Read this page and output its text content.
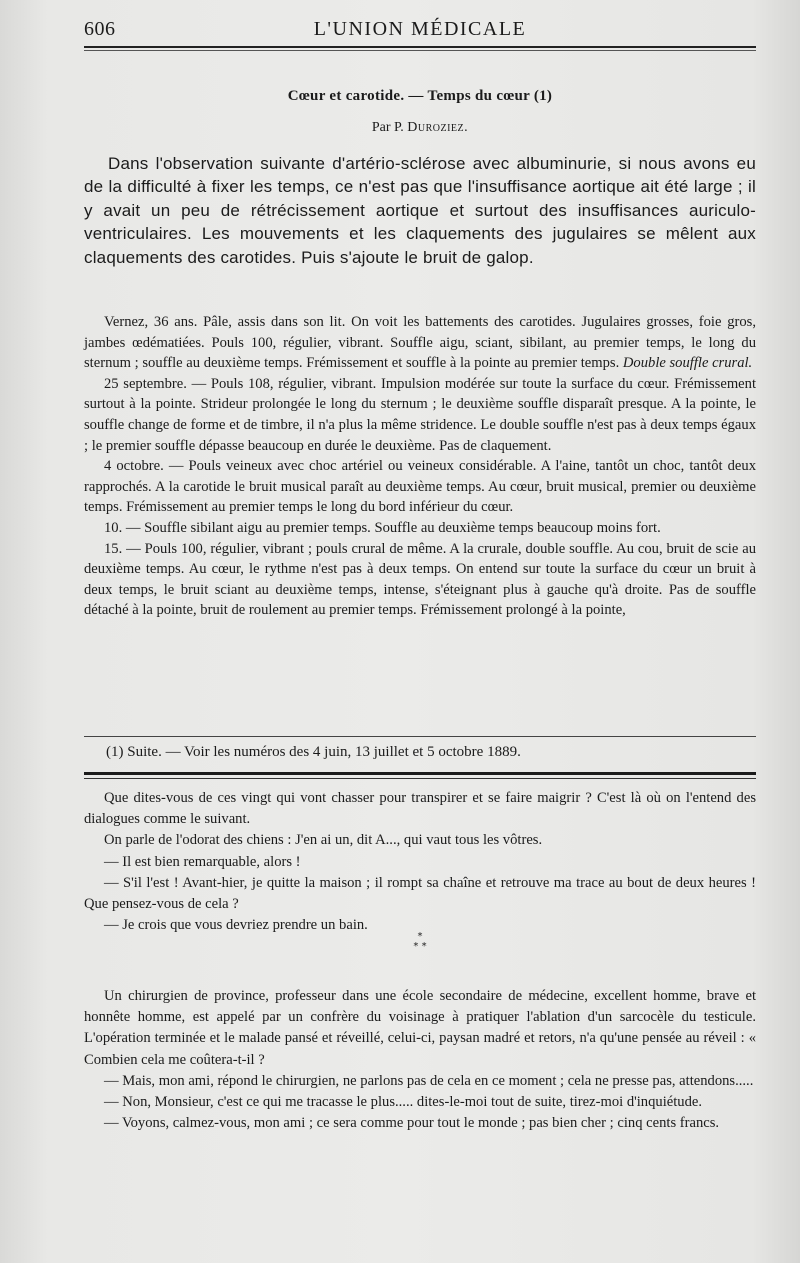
606	L'UNION MÉDICALE
Cœur et carotide. — Temps du cœur (1)
Par P. Duroziez.

Dans l'observation suivante d'artério-sclérose avec albuminurie, si nous avons eu de la difficulté à fixer les temps, ce n'est pas que l'insuffisance aortique ait été large ; il y avait un peu de rétrécissement aortique et surtout des insuffisances auriculo-ventriculaires. Les mouvements et les claquements des jugulaires se mêlent aux claquements des carotides. Puis s'ajoute le bruit de galop.

Vernez, 36 ans. Pâle, assis dans son lit. On voit les battements des carotides. Jugulaires grosses, foie gros, jambes œdématiées. Pouls 100, régulier, vibrant. Souffle aigu, sciant, sibilant, au premier temps, le long du sternum ; souffle au deuxième temps. Frémissement et souffle à la pointe au premier temps. Double souffle crural.

25 septembre. — Pouls 108, régulier, vibrant. Impulsion modérée sur toute la surface du cœur. Frémissement surtout à la pointe. Strideur prolongée le long du sternum ; le deuxième souffle disparaît presque. A la pointe, le souffle change de forme et de timbre, il n'a plus la même stridence. Le double souffle n'est pas à deux temps égaux ; le premier souffle dépasse beaucoup en durée le deuxième. Pas de claquement.

4 octobre. — Pouls veineux avec choc artériel ou veineux considérable. A l'aine, tantôt un choc, tantôt deux rapprochés. A la carotide le bruit musical paraît au deuxième temps. Au cœur, bruit musical, premier ou deuxième temps. Frémissement au premier temps le long du bord inférieur du cœur.

10. — Souffle sibilant aigu au premier temps. Souffle au deuxième temps beaucoup moins fort.

15. — Pouls 100, régulier, vibrant ; pouls crural de même. A la crurale, double souffle. Au cou, bruit de scie au deuxième temps. Au cœur, le rythme n'est pas à deux temps. On entend sur toute la surface du cœur un bruit à deux temps, le bruit sciant au deuxième temps, intense, s'éteignant plus à gauche qu'à droite. Pas de souffle détaché à la pointe, bruit de roulement au premier temps. Frémissement prolongé à la pointe,

(1) Suite. — Voir les numéros des 4 juin, 13 juillet et 5 octobre 1889.

Que dites-vous de ces vingt qui vont chasser pour transpirer et se faire maigrir ? C'est là où on l'entend des dialogues comme le suivant.

On parle de l'odorat des chiens : J'en ai un, dit A..., qui vaut tous les vôtres.

— Il est bien remarquable, alors !

— S'il l'est ! Avant-hier, je quitte la maison ; il rompt sa chaîne et retrouve ma trace au bout de deux heures ! Que pensez-vous de cela ?

— Je crois que vous devriez prendre un bain.

*
* *

Un chirurgien de province, professeur dans une école secondaire de médecine, excellent homme, brave et honnête homme, est appelé par un confrère du voisinage à pratiquer l'ablation d'un sarcocèle du testicule. L'opération terminée et le malade pansé et réveillé, celui-ci, paysan madré et retors, n'a qu'une pensée au réveil : « Combien cela me coûtera-t-il ?

— Mais, mon ami, répond le chirurgien, ne parlons pas de cela en ce moment ; cela ne presse pas, attendons.....

— Non, Monsieur, c'est ce qui me tracasse le plus..... dites-le-moi tout de suite, tirez-moi d'inquiétude.

— Voyons, calmez-vous, mon ami ; ce sera comme pour tout le monde ; pas bien cher ; cinq cents francs.
